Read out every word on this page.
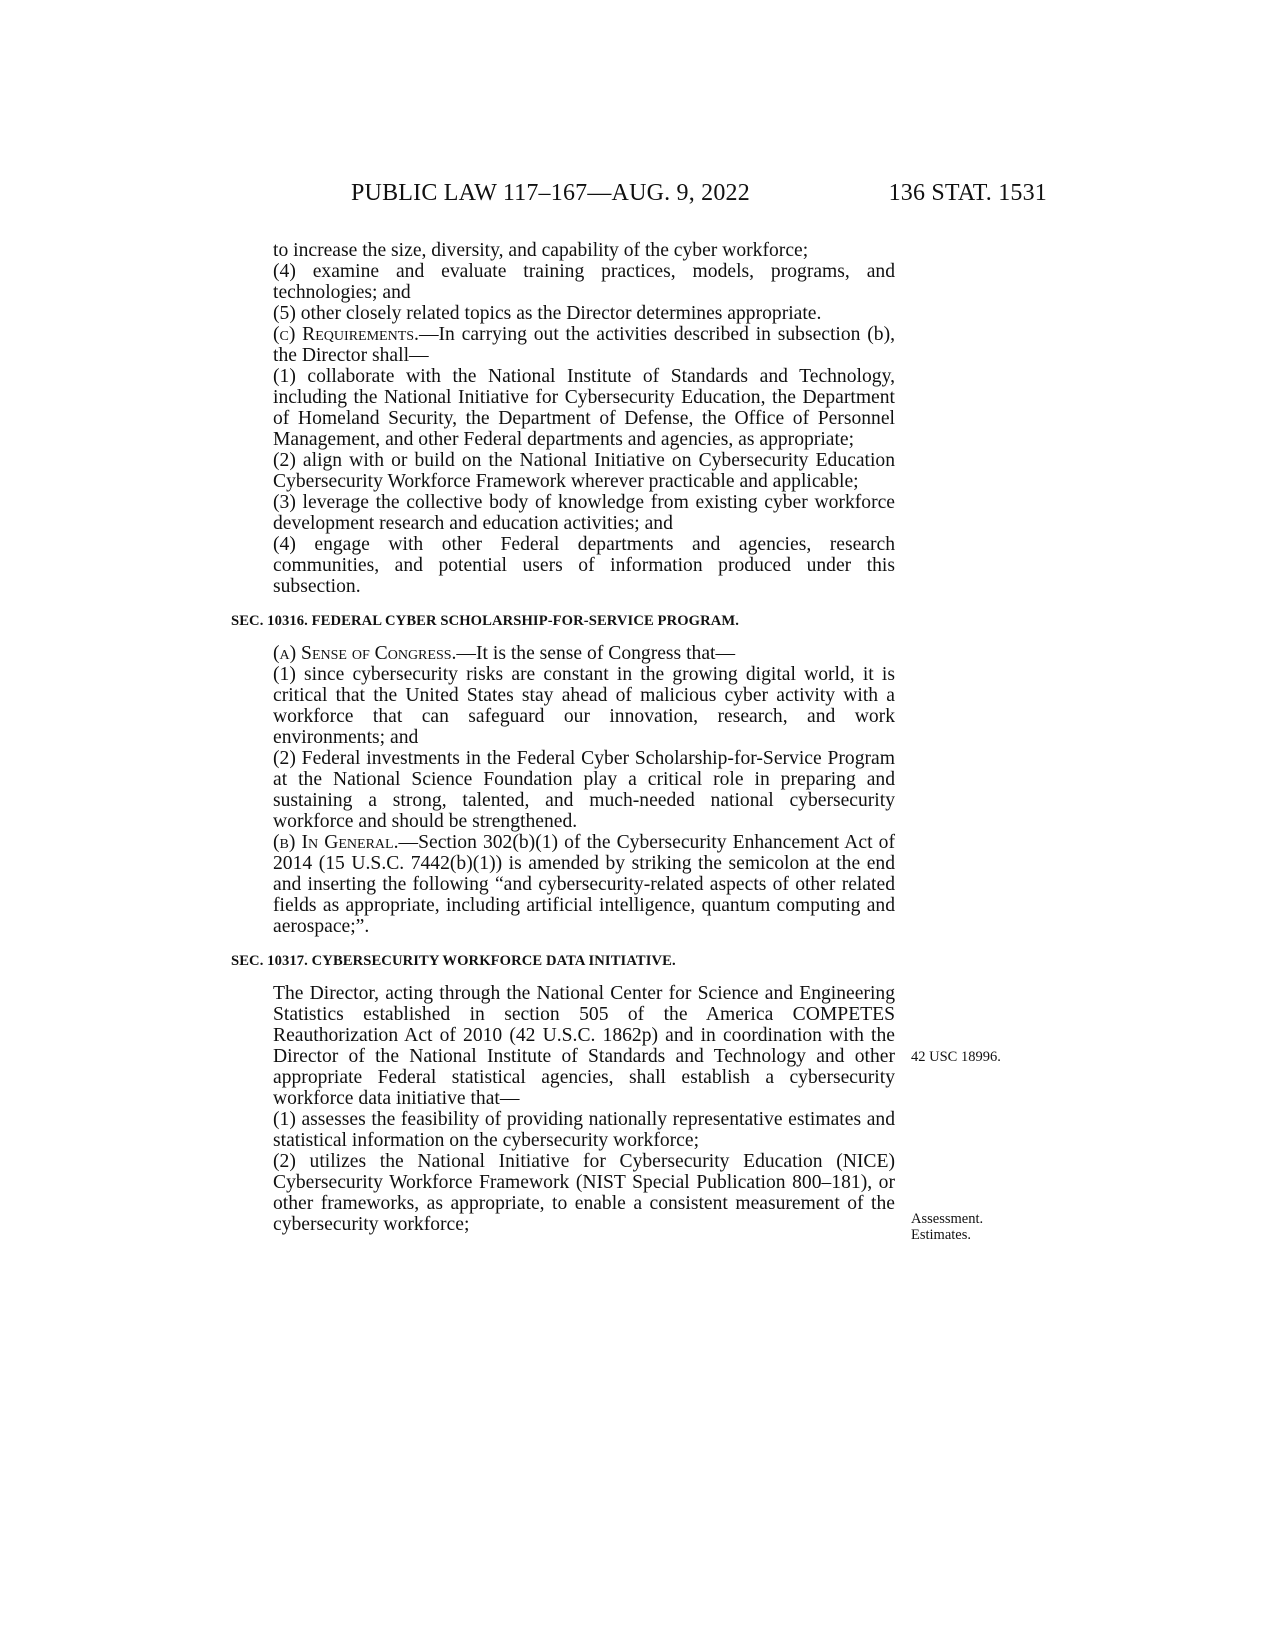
PUBLIC LAW 117–167—AUG. 9, 2022	136 STAT. 1531

to increase the size, diversity, and capability of the cyber workforce;

(4) examine and evaluate training practices, models, programs, and technologies; and

(5) other closely related topics as the Director determines appropriate.

(c) Requirements.—In carrying out the activities described in subsection (b), the Director shall—

(1) collaborate with the National Institute of Standards and Technology, including the National Initiative for Cybersecurity Education, the Department of Homeland Security, the Department of Defense, the Office of Personnel Management, and other Federal departments and agencies, as appropriate;

(2) align with or build on the National Initiative on Cybersecurity Education Cybersecurity Workforce Framework wherever practicable and applicable;

(3) leverage the collective body of knowledge from existing cyber workforce development research and education activities; and

(4) engage with other Federal departments and agencies, research communities, and potential users of information produced under this subsection.

SEC. 10316. FEDERAL CYBER SCHOLARSHIP-FOR-SERVICE PROGRAM.

(a) Sense of Congress.—It is the sense of Congress that—

(1) since cybersecurity risks are constant in the growing digital world, it is critical that the United States stay ahead of malicious cyber activity with a workforce that can safeguard our innovation, research, and work environments; and

(2) Federal investments in the Federal Cyber Scholarship-for-Service Program at the National Science Foundation play a critical role in preparing and sustaining a strong, talented, and much-needed national cybersecurity workforce and should be strengthened.

(b) In General.—Section 302(b)(1) of the Cybersecurity Enhancement Act of 2014 (15 U.S.C. 7442(b)(1)) is amended by striking the semicolon at the end and inserting the following “and cybersecurity-related aspects of other related fields as appropriate, including artificial intelligence, quantum computing and aerospace;”.

SEC. 10317. CYBERSECURITY WORKFORCE DATA INITIATIVE.

The Director, acting through the National Center for Science and Engineering Statistics established in section 505 of the America COMPETES Reauthorization Act of 2010 (42 U.S.C. 1862p) and in coordination with the Director of the National Institute of Standards and Technology and other appropriate Federal statistical agencies, shall establish a cybersecurity workforce data initiative that—

(1) assesses the feasibility of providing nationally representative estimates and statistical information on the cybersecurity workforce;

(2) utilizes the National Initiative for Cybersecurity Education (NICE) Cybersecurity Workforce Framework (NIST Special Publication 800–181), or other frameworks, as appropriate, to enable a consistent measurement of the cybersecurity workforce;

42 USC 18996.
Assessment.
Estimates.
